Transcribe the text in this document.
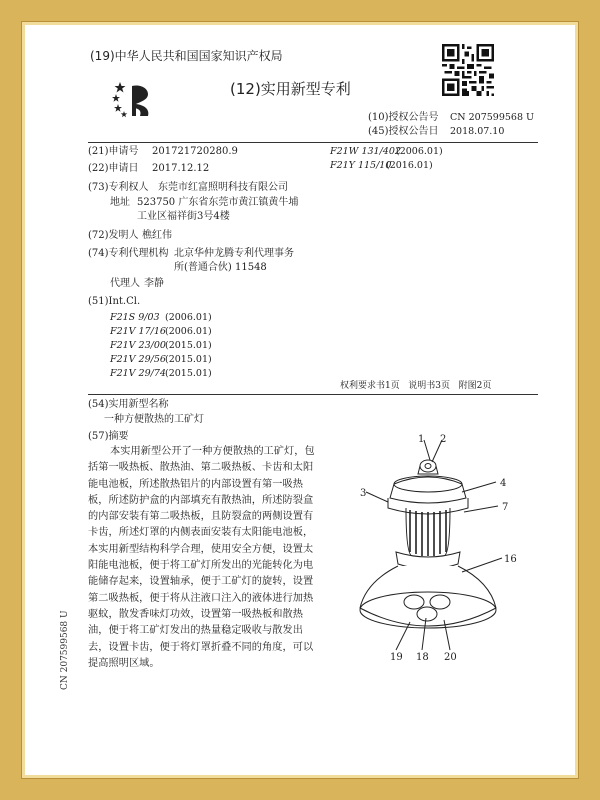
(19)中华人民共和国国家知识产权局
(12)实用新型专利
(10)授权公告号 CN 207599568 U
(45)授权公告日 2018.07.10
(21)申请号 201721720280.9
(22)申请日 2017.12.12
(73)专利权人 东莞市红富照明科技有限公司
地址 523750 广东省东莞市黄江镇黄牛埔
工业区福祥街3号4楼
(72)发明人 樵红伟
(74)专利代理机构 北京华仲龙腾专利代理事务
所(普通合伙) 11548
代理人 李静
(51)Int.Cl.
F21S 9/03 (2006.01)
F21V 17/16 (2006.01)
F21V 23/00 (2015.01)
F21V 29/56 (2015.01)
F21V 29/74 (2015.01)
F21W 131/402
(2006.01)
F21Y 115/10
(2016.01)
权利要求书1页   说明书3页   附图2页
(54)实用新型名称
一种方便散热的工矿灯
(57)摘要
本实用新型公开了一种方便散热的工矿灯，包括第一吸热板、散热油、第二吸热板、卡齿和太阳能电池板，所述散热铝片的内部设置有第一吸热板，所述防护盒的内部填充有散热油，所述防裂盒的内部安装有第二吸热板，且防裂盒的两侧设置有卡齿，所述灯罩的内侧表面安装有太阳能电池板，本实用新型结构科学合理，使用安全方便，设置太阳能电池板，便于将工矿灯所发出的光能转化为电能储存起来，设置轴承，便于工矿灯的旋转，设置第二吸热板，便于将从注液口注入的液体进行加热驱蚊，散发香味灯功效，设置第一吸热板和散热油，便于将工矿灯发出的热量稳定吸收与散发出去，设置卡齿，便于将灯罩折叠不同的角度，可以提高照明区域。
1 2
3
4
7
16
19 18 20
CN 207599568 U
